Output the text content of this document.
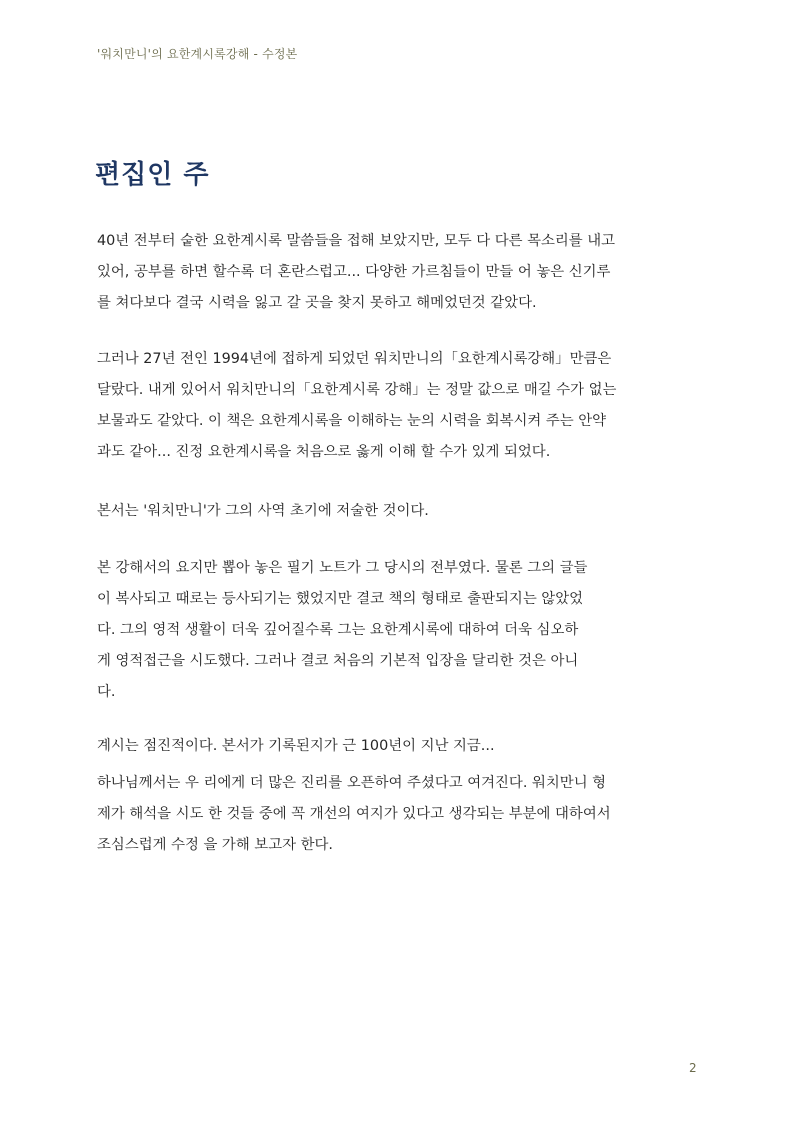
'워치만니'의 요한계시록강해 - 수정본
편집인 주
40년 전부터 숱한 요한계시록 말씀들을 접해 보았지만, 모두 다 다른 목소리를 내고
있어, 공부를 하면 할수록 더 혼란스럽고... 다양한 가르침들이 만들 어 놓은 신기루
를 쳐다보다 결국 시력을 잃고 갈 곳을 찾지 못하고 해메었던것 같았다.
그러나 27년 전인 1994년에 접하게 되었던 워치만니의「요한계시록강해」만큼은
달랐다. 내게 있어서 워치만니의「요한계시록 강해」는 정말 값으로 매길 수가 없는
보물과도 같았다. 이 책은 요한계시록을 이해하는 눈의 시력을 회복시켜 주는 안약
과도 같아... 진정 요한계시록을 처음으로 옳게 이해 할 수가 있게 되었다.
본서는 '워치만니'가 그의 사역 초기에 저술한 것이다.
본 강해서의 요지만 뽑아 놓은 필기 노트가 그 당시의 전부였다. 물론 그의 글들
이 복사되고 때로는 등사되기는 했었지만 결코 책의 형태로 출판되지는 않았었
다. 그의 영적 생활이 더욱 깊어질수록 그는 요한계시록에 대하여 더욱 심오하
게 영적접근을 시도했다. 그러나 결코 처음의 기본적 입장을 달리한 것은 아니
다.
계시는 점진적이다. 본서가 기록된지가 근 100년이 지난 지금...
하나님께서는 우 리에게 더 많은 진리를 오픈하여 주셨다고 여겨진다. 워치만니 형
제가 해석을 시도 한 것들 중에 꼭 개선의 여지가 있다고 생각되는 부분에 대하여서
조심스럽게 수정 을 가해 보고자 한다.
2
